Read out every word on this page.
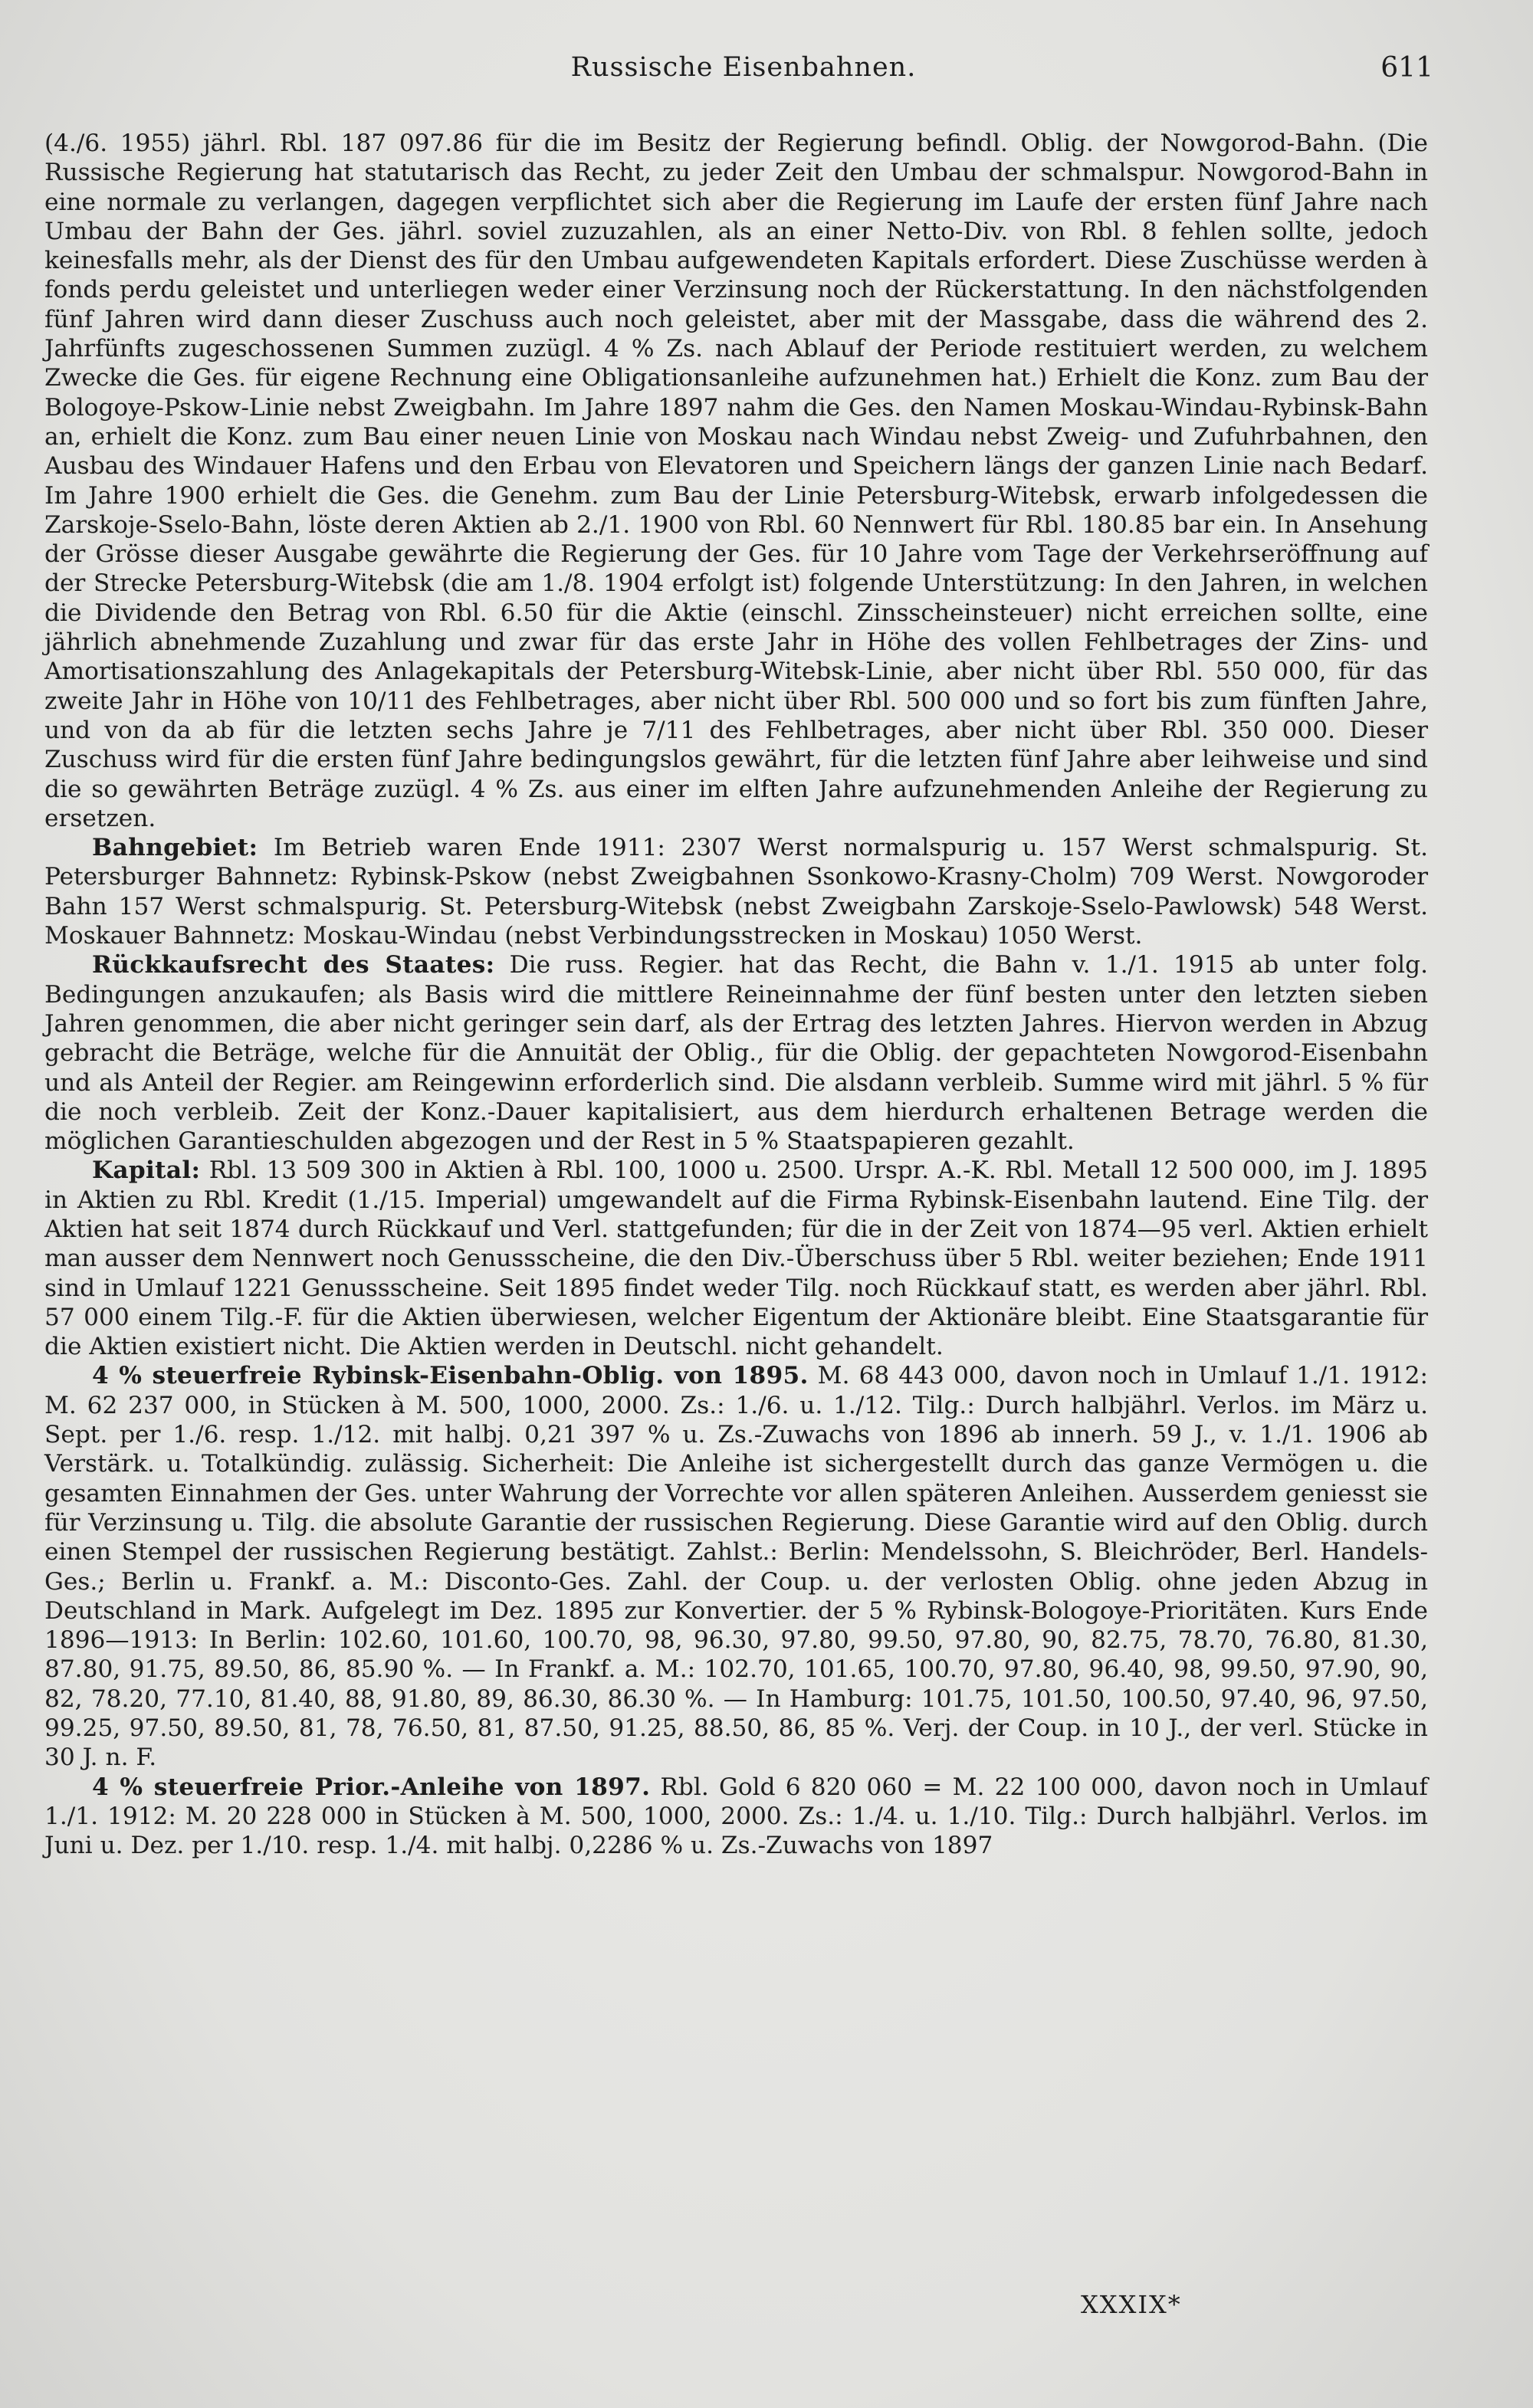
Russische Eisenbahnen.	611

(4./6. 1955) jährl. Rbl. 187 097.86 für die im Besitz der Regierung befindl. Oblig. der Nowgorod-Bahn. (Die Russische Regierung hat statutarisch das Recht, zu jeder Zeit den Umbau der schmalspur. Nowgorod-Bahn in eine normale zu verlangen, dagegen verpflichtet sich aber die Regierung im Laufe der ersten fünf Jahre nach Umbau der Bahn der Ges. jährl. soviel zuzuzahlen, als an einer Netto-Div. von Rbl. 8 fehlen sollte, jedoch keinesfalls mehr, als der Dienst des für den Umbau aufgewendeten Kapitals erfordert. Diese Zuschüsse werden à fonds perdu geleistet und unterliegen weder einer Verzinsung noch der Rückerstattung. In den nächstfolgenden fünf Jahren wird dann dieser Zuschuss auch noch geleistet, aber mit der Massgabe, dass die während des 2. Jahrfünfts zugeschossenen Summen zuzügl. 4 % Zs. nach Ablauf der Periode restituiert werden, zu welchem Zwecke die Ges. für eigene Rechnung eine Obligationsanleihe aufzunehmen hat.) Erhielt die Konz. zum Bau der Bologoye-Pskow-Linie nebst Zweigbahn. Im Jahre 1897 nahm die Ges. den Namen Moskau-Windau-Rybinsk-Bahn an, erhielt die Konz. zum Bau einer neuen Linie von Moskau nach Windau nebst Zweig- und Zufuhrbahnen, den Ausbau des Windauer Hafens und den Erbau von Elevatoren und Speichern längs der ganzen Linie nach Bedarf. Im Jahre 1900 erhielt die Ges. die Genehm. zum Bau der Linie Petersburg-Witebsk, erwarb infolgedessen die Zarskoje-Sselo-Bahn, löste deren Aktien ab 2./1. 1900 von Rbl. 60 Nennwert für Rbl. 180.85 bar ein. In Ansehung der Grösse dieser Ausgabe gewährte die Regierung der Ges. für 10 Jahre vom Tage der Verkehrseröffnung auf der Strecke Petersburg-Witebsk (die am 1./8. 1904 erfolgt ist) folgende Unterstützung: In den Jahren, in welchen die Dividende den Betrag von Rbl. 6.50 für die Aktie (einschl. Zinsscheinsteuer) nicht erreichen sollte, eine jährlich abnehmende Zuzahlung und zwar für das erste Jahr in Höhe des vollen Fehlbetrages der Zins- und Amortisationszahlung des Anlagekapitals der Petersburg-Witebsk-Linie, aber nicht über Rbl. 550 000, für das zweite Jahr in Höhe von 10/11 des Fehlbetrages, aber nicht über Rbl. 500 000 und so fort bis zum fünften Jahre, und von da ab für die letzten sechs Jahre je 7/11 des Fehlbetrages, aber nicht über Rbl. 350 000. Dieser Zuschuss wird für die ersten fünf Jahre bedingungslos gewährt, für die letzten fünf Jahre aber leihweise und sind die so gewährten Beträge zuzügl. 4 % Zs. aus einer im elften Jahre aufzunehmenden Anleihe der Regierung zu ersetzen.

Bahngebiet: Im Betrieb waren Ende 1911: 2307 Werst normalspurig u. 157 Werst schmalspurig. St. Petersburger Bahnnetz: Rybinsk-Pskow (nebst Zweigbahnen Ssonkowo-Krasny-Cholm) 709 Werst. Nowgoroder Bahn 157 Werst schmalspurig. St. Petersburg-Witebsk (nebst Zweigbahn Zarskoje-Sselo-Pawlowsk) 548 Werst. Moskauer Bahnnetz: Moskau-Windau (nebst Verbindungsstrecken in Moskau) 1050 Werst.

Rückkaufsrecht des Staates: Die russ. Regier. hat das Recht, die Bahn v. 1./1. 1915 ab unter folg. Bedingungen anzukaufen; als Basis wird die mittlere Reineinnahme der fünf besten unter den letzten sieben Jahren genommen, die aber nicht geringer sein darf, als der Ertrag des letzten Jahres. Hiervon werden in Abzug gebracht die Beträge, welche für die Annuität der Oblig., für die Oblig. der gepachteten Nowgorod-Eisenbahn und als Anteil der Regier. am Reingewinn erforderlich sind. Die alsdann verbleib. Summe wird mit jährl. 5 % für die noch verbleib. Zeit der Konz.-Dauer kapitalisiert, aus dem hierdurch erhaltenen Betrage werden die möglichen Garantieschulden abgezogen und der Rest in 5 % Staatspapieren gezahlt.

Kapital: Rbl. 13 509 300 in Aktien à Rbl. 100, 1000 u. 2500. Urspr. A.-K. Rbl. Metall 12 500 000, im J. 1895 in Aktien zu Rbl. Kredit (1./15. Imperial) umgewandelt auf die Firma Rybinsk-Eisenbahn lautend. Eine Tilg. der Aktien hat seit 1874 durch Rückkauf und Verl. stattgefunden; für die in der Zeit von 1874—95 verl. Aktien erhielt man ausser dem Nennwert noch Genussscheine, die den Div.-Überschuss über 5 Rbl. weiter beziehen; Ende 1911 sind in Umlauf 1221 Genussscheine. Seit 1895 findet weder Tilg. noch Rückkauf statt, es werden aber jährl. Rbl. 57 000 einem Tilg.-F. für die Aktien überwiesen, welcher Eigentum der Aktionäre bleibt. Eine Staatsgarantie für die Aktien existiert nicht. Die Aktien werden in Deutschl. nicht gehandelt.

4 % steuerfreie Rybinsk-Eisenbahn-Oblig. von 1895. M. 68 443 000, davon noch in Umlauf 1./1. 1912: M. 62 237 000, in Stücken à M. 500, 1000, 2000. Zs.: 1./6. u. 1./12. Tilg.: Durch halbjährl. Verlos. im März u. Sept. per 1./6. resp. 1./12. mit halbj. 0,21 397 % u. Zs.-Zuwachs von 1896 ab innerh. 59 J., v. 1./1. 1906 ab Verstärk. u. Totalkündig. zulässig. Sicherheit: Die Anleihe ist sichergestellt durch das ganze Vermögen u. die gesamten Einnahmen der Ges. unter Wahrung der Vorrechte vor allen späteren Anleihen. Ausserdem geniesst sie für Verzinsung u. Tilg. die absolute Garantie der russischen Regierung. Diese Garantie wird auf den Oblig. durch einen Stempel der russischen Regierung bestätigt. Zahlst.: Berlin: Mendelssohn, S. Bleichröder, Berl. Handels-Ges.; Berlin u. Frankf. a. M.: Disconto-Ges. Zahl. der Coup. u. der verlosten Oblig. ohne jeden Abzug in Deutschland in Mark. Aufgelegt im Dez. 1895 zur Konvertier. der 5 % Rybinsk-Bologoye-Prioritäten. Kurs Ende 1896—1913: In Berlin: 102.60, 101.60, 100.70, 98, 96.30, 97.80, 99.50, 97.80, 90, 82.75, 78.70, 76.80, 81.30, 87.80, 91.75, 89.50, 86, 85.90 %. — In Frankf. a. M.: 102.70, 101.65, 100.70, 97.80, 96.40, 98, 99.50, 97.90, 90, 82, 78.20, 77.10, 81.40, 88, 91.80, 89, 86.30, 86.30 %. — In Hamburg: 101.75, 101.50, 100.50, 97.40, 96, 97.50, 99.25, 97.50, 89.50, 81, 78, 76.50, 81, 87.50, 91.25, 88.50, 86, 85 %. Verj. der Coup. in 10 J., der verl. Stücke in 30 J. n. F.

4 % steuerfreie Prior.-Anleihe von 1897. Rbl. Gold 6 820 060 = M. 22 100 000, davon noch in Umlauf 1./1. 1912: M. 20 228 000 in Stücken à M. 500, 1000, 2000. Zs.: 1./4. u. 1./10. Tilg.: Durch halbjährl. Verlos. im Juni u. Dez. per 1./10. resp. 1./4. mit halbj. 0,2286 % u. Zs.-Zuwachs von 1897

XXXIX*
